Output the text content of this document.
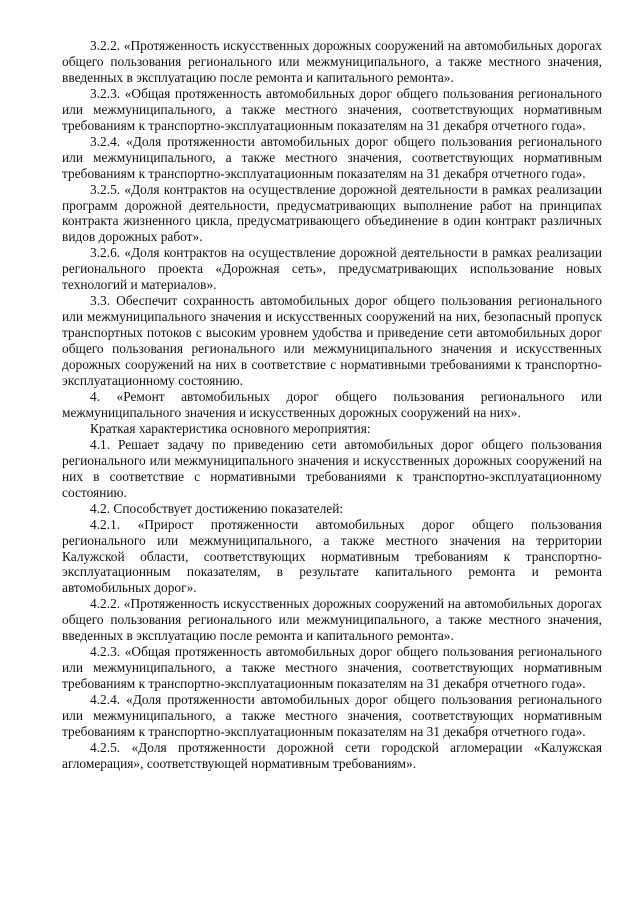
3.2.2. «Протяженность искусственных дорожных сооружений на автомобильных дорогах общего пользования регионального или межмуниципального, а также местного значения, введенных в эксплуатацию после ремонта и капитального ремонта».

3.2.3. «Общая протяженность автомобильных дорог общего пользования регионального или межмуниципального, а также местного значения, соответствующих нормативным требованиям к транспортно-эксплуатационным показателям на 31 декабря отчетного года».

3.2.4. «Доля протяженности автомобильных дорог общего пользования регионального или межмуниципального, а также местного значения, соответствующих нормативным требованиям к транспортно-эксплуатационным показателям на 31 декабря отчетного года».

3.2.5. «Доля контрактов на осуществление дорожной деятельности в рамках реализации программ дорожной деятельности, предусматривающих выполнение работ на принципах контракта жизненного цикла, предусматривающего объединение в один контракт различных видов дорожных работ».

3.2.6. «Доля контрактов на осуществление дорожной деятельности в рамках реализации регионального проекта «Дорожная сеть», предусматривающих использование новых технологий и материалов».

3.3. Обеспечит сохранность автомобильных дорог общего пользования регионального или межмуниципального значения и искусственных сооружений на них, безопасный пропуск транспортных потоков с высоким уровнем удобства и приведение сети автомобильных дорог общего пользования регионального или межмуниципального значения и искусственных дорожных сооружений на них в соответствие с нормативными требованиями к транспортно-эксплуатационному состоянию.

4. «Ремонт автомобильных дорог общего пользования регионального или межмуниципального значения и искусственных дорожных сооружений на них».

Краткая характеристика основного мероприятия:

4.1. Решает задачу по приведению сети автомобильных дорог общего пользования регионального или межмуниципального значения и искусственных дорожных сооружений на них в соответствие с нормативными требованиями к транспортно-эксплуатационному состоянию.

4.2. Способствует достижению показателей:

4.2.1. «Прирост протяженности автомобильных дорог общего пользования регионального или межмуниципального, а также местного значения на территории Калужской области, соответствующих нормативным требованиям к транспортно-эксплуатационным показателям, в результате капитального ремонта и ремонта автомобильных дорог».

4.2.2. «Протяженность искусственных дорожных сооружений на автомобильных дорогах общего пользования регионального или межмуниципального, а также местного значения, введенных в эксплуатацию после ремонта и капитального ремонта».

4.2.3. «Общая протяженность автомобильных дорог общего пользования регионального или межмуниципального, а также местного значения, соответствующих нормативным требованиям к транспортно-эксплуатационным показателям на 31 декабря отчетного года».

4.2.4. «Доля протяженности автомобильных дорог общего пользования регионального или межмуниципального, а также местного значения, соответствующих нормативным требованиям к транспортно-эксплуатационным показателям на 31 декабря отчетного года».

4.2.5. «Доля протяженности дорожной сети городской агломерации «Калужская агломерация», соответствующей нормативным требованиям».
